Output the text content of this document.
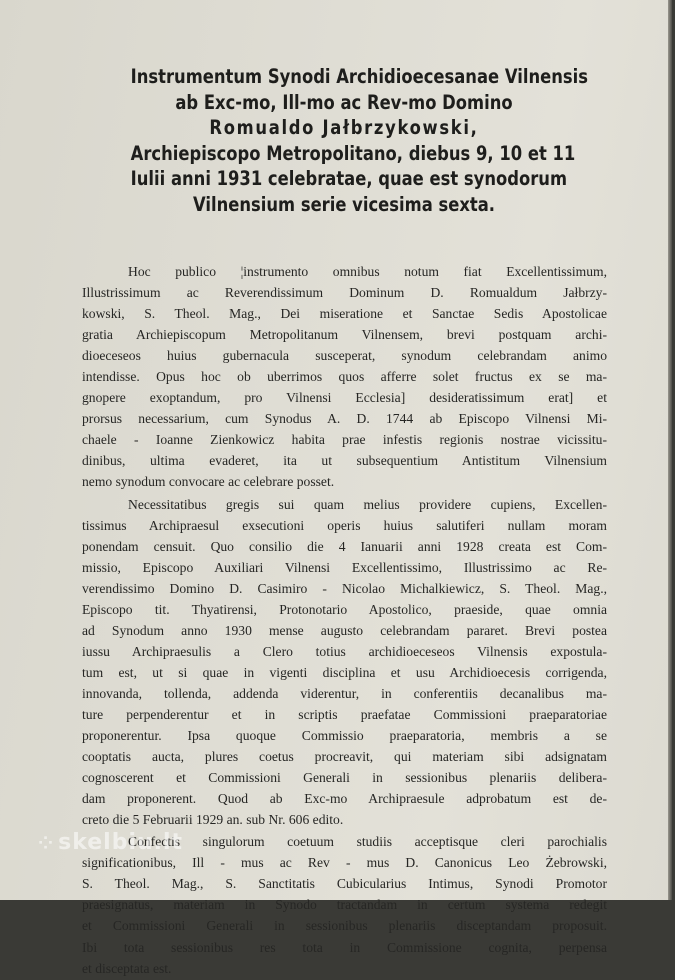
Instrumentum Synodi Archidioecesanae Vilnensis
ab Exc-mo, Ill-mo ac Rev-mo Domino
Romualdo Jałbrzykowski,
Archiepiscopo Metropolitano, diebus 9, 10 et 11
Iulii anni 1931 celebratae, quae est synodorum
Vilnensium serie vicesima sexta.
Hoc publico ¦instrumento omnibus notum fiat Excellentissimum,
Illustrissimum ac Reverendissimum Dominum D. Romualdum Jałbrzy-
kowski, S. Theol. Mag., Dei miseratione et Sanctae Sedis Apostolicae
gratia Archiepiscopum Metropolitanum Vilnensem, brevi postquam archi-
dioeceseos huius gubernacula susceperat, synodum celebrandam animo
intendisse. Opus hoc ob uberrimos quos afferre solet fructus ex se ma-
gnopere exoptandum, pro Vilnensi Ecclesia] desideratissimum erat] et
prorsus necessarium, cum Synodus A. D. 1744 ab Episcopo Vilnensi Mi-
chaele - Ioanne Zienkowicz habita prae infestis regionis nostrae vicissitu-
dinibus, ultima evaderet, ita ut subsequentium Antistitum Vilnensium
nemo synodum convocare ac celebrare posset.
Necessitatibus gregis sui quam melius providere cupiens, Excellen-
tissimus Archipraesul exsecutioni operis huius salutiferi nullam moram
ponendam censuit. Quo consilio die 4 Ianuarii anni 1928 creata est Com-
missio, Episcopo Auxiliari Vilnensi Excellentissimo, Illustrissimo ac Re-
verendissimo Domino D. Casimiro - Nicolao Michalkiewicz, S. Theol. Mag.,
Episcopo tit. Thyatirensi, Protonotario Apostolico, praeside, quae omnia
ad Synodum anno 1930 mense augusto celebrandam pararet. Brevi postea
iussu Archipraesulis a Clero totius archidioeceseos Vilnensis expostula-
tum est, ut si quae in vigenti disciplina et usu Archidioecesis corrigenda,
innovanda, tollenda, addenda viderentur, in conferentiis decanalibus ma-
ture perpenderentur et in scriptis praefatae Commissioni praeparatoriae
proponerentur. Ipsa quoque Commissio praeparatoria, membris a se
cooptatis aucta, plures coetus procreavit, qui materiam sibi adsignatam
cognoscerent et Commissioni Generali in sessionibus plenariis delibera-
dam proponerent. Quod ab Exc-mo Archipraesule adprobatum est de-
creto die 5 Februarii 1929 an. sub Nr. 606 edito.
Confectis singulorum coetuum studiis acceptisque cleri parochialis
significationibus, Ill - mus ac Rev - mus D. Canonicus Leo Żebrowski,
S. Theol. Mag., S. Sanctitatis Cubicularius Intimus, Synodi Promotor
praesignatus, materiam in Synodo tractandam in certum systema redegit
et Commissioni Generali in sessionibus plenariis disceptandam proposuit.
Ibi tota sessionibus res tota in Commissione cognita, perpensa
et disceptata est.
⁘ skelbiu.lt
